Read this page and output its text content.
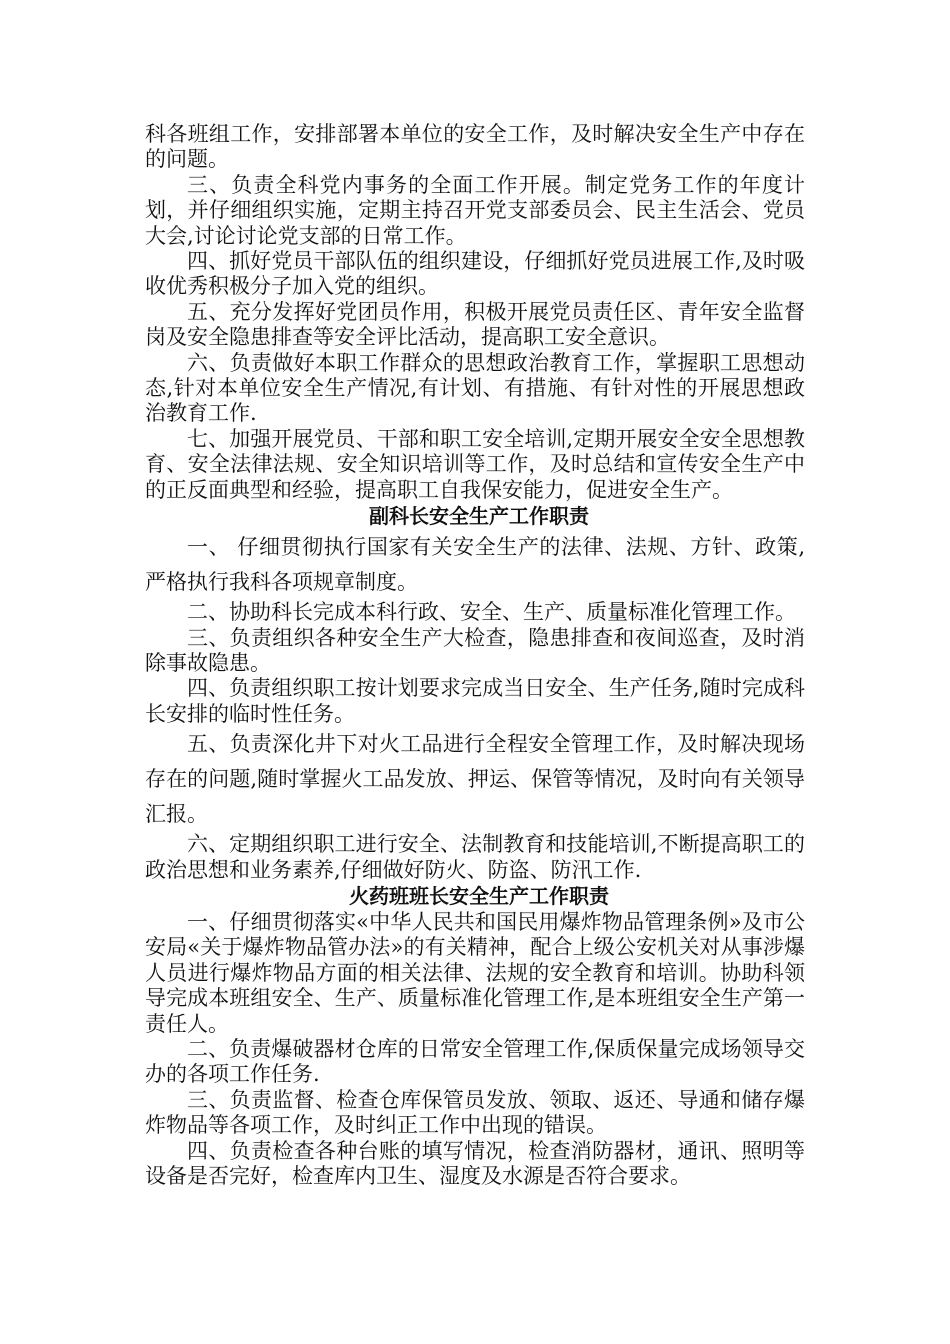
科各班组工作，安排部署本单位的安全工作，及时解决安全生产中存在的问题。

三、负责全科党内事务的全面工作开展。制定党务工作的年度计划，并仔细组织实施，定期主持召开党支部委员会、民主生活会、党员大会,讨论讨论党支部的日常工作。

四、抓好党员干部队伍的组织建设，仔细抓好党员进展工作,及时吸收优秀积极分子加入党的组织。

五、充分发挥好党团员作用，积极开展党员责任区、青年安全监督岗及安全隐患排查等安全评比活动，提高职工安全意识。

六、负责做好本职工作群众的思想政治教育工作，掌握职工思想动态,针对本单位安全生产情况,有计划、有措施、有针对性的开展思想政治教育工作.

七、加强开展党员、干部和职工安全培训,定期开展安全安全思想教育、安全法律法规、安全知识培训等工作，及时总结和宣传安全生产中的正反面典型和经验，提高职工自我保安能力，促进安全生产。

副科长安全生产工作职责

一、 仔细贯彻执行国家有关安全生产的法律、法规、方针、政策,严格执行我科各项规章制度。

二、协助科长完成本科行政、安全、生产、质量标准化管理工作。

三、负责组织各种安全生产大检查，隐患排查和夜间巡查，及时消除事故隐患。

四、负责组织职工按计划要求完成当日安全、生产任务,随时完成科长安排的临时性任务。

五、负责深化井下对火工品进行全程安全管理工作，及时解决现场存在的问题,随时掌握火工品发放、押运、保管等情况，及时向有关领导汇报。

六、定期组织职工进行安全、法制教育和技能培训,不断提高职工的政治思想和业务素养,仔细做好防火、防盗、防汛工作.

火药班班长安全生产工作职责

一、仔细贯彻落实«中华人民共和国民用爆炸物品管理条例»及市公安局«关于爆炸物品管办法»的有关精神，配合上级公安机关对从事涉爆人员进行爆炸物品方面的相关法律、法规的安全教育和培训。协助科领导完成本班组安全、生产、质量标准化管理工作,是本班组安全生产第一责任人。

二、负责爆破器材仓库的日常安全管理工作,保质保量完成场领导交办的各项工作任务.

三、负责监督、检查仓库保管员发放、领取、返还、导通和储存爆炸物品等各项工作，及时纠正工作中出现的错误。

四、负责检查各种台账的填写情况，检查消防器材，通讯、照明等设备是否完好，检查库内卫生、湿度及水源是否符合要求。
